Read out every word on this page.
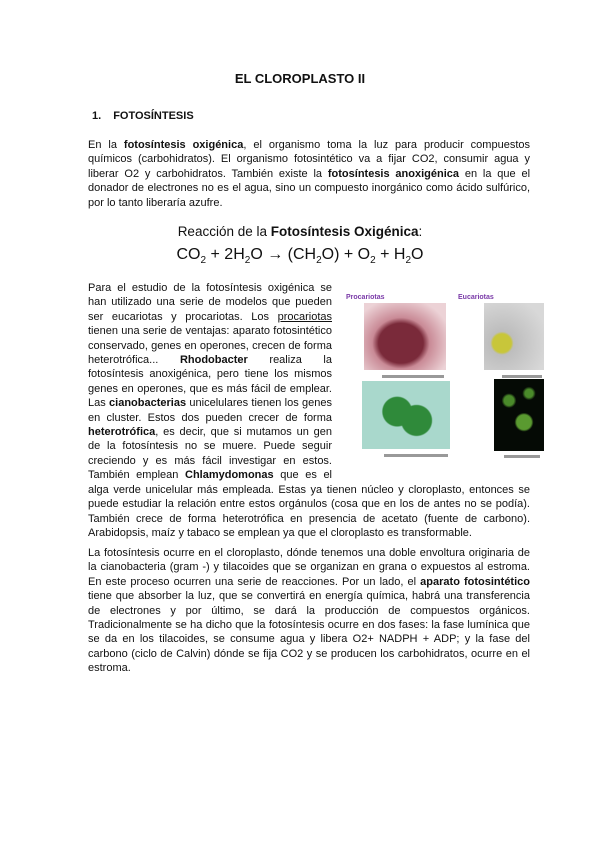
EL CLOROPLASTO II
1. FOTOSÍNTESIS
En la fotosíntesis oxigénica, el organismo toma la luz para producir compuestos químicos (carbohidratos). El organismo fotosintético va a fijar CO2, consumir agua y liberar O2 y carbohidratos. También existe la fotosíntesis anoxigénica en la que el donador de electrones no es el agua, sino un compuesto inorgánico como ácido sulfúrico, por lo tanto liberaría azufre.
Reacción de la Fotosíntesis Oxigénica:
$CO_2 + 2H_2O \to (CH_2O) + O_2 + H_2O$
Procariotas	Eucariotas
Para el estudio de la fotosíntesis oxigénica se han utilizado una serie de modelos que pueden ser eucariotas y procariotas. Los procariotas tienen una serie de ventajas: aparato fotosintético conservado, genes en operones, crecen de forma heterotrófica... Rhodobacter realiza la fotosíntesis anoxigénica, pero tiene los mismos genes en operones, que es más fácil de emplear. Las cianobacterias unicelulares tienen los genes en cluster. Estos dos pueden crecer de forma heterotrófica, es decir, que si mutamos un gen de la fotosíntesis no se muere. Puede seguir creciendo y es más fácil investigar en estos. También emplean Chlamydomonas que es el alga verde unicelular más empleada. Estas ya tienen núcleo y cloroplasto, entonces se puede estudiar la relación entre estos orgánulos (cosa que en los de antes no se podía). También crece de forma heterotrófica en presencia de acetato (fuente de carbono). Arabidopsis, maíz y tabaco se emplean ya que el cloroplasto es transformable.
La fotosíntesis ocurre en el cloroplasto, dónde tenemos una doble envoltura originaria de la cianobacteria (gram -) y tilacoides que se organizan en grana o expuestos al estroma. En este proceso ocurren una serie de reacciones. Por un lado, el aparato fotosintético tiene que absorber la luz, que se convertirá en energía química, habrá una transferencia de electrones y por último, se dará la producción de compuestos orgánicos. Tradicionalmente se ha dicho que la fotosíntesis ocurre en dos fases: la fase lumínica que se da en los tilacoides, se consume agua y libera O2+ NADPH + ADP; y la fase del carbono (ciclo de Calvin) dónde se fija CO2 y se producen los carbohidratos, ocurre en el estroma.
